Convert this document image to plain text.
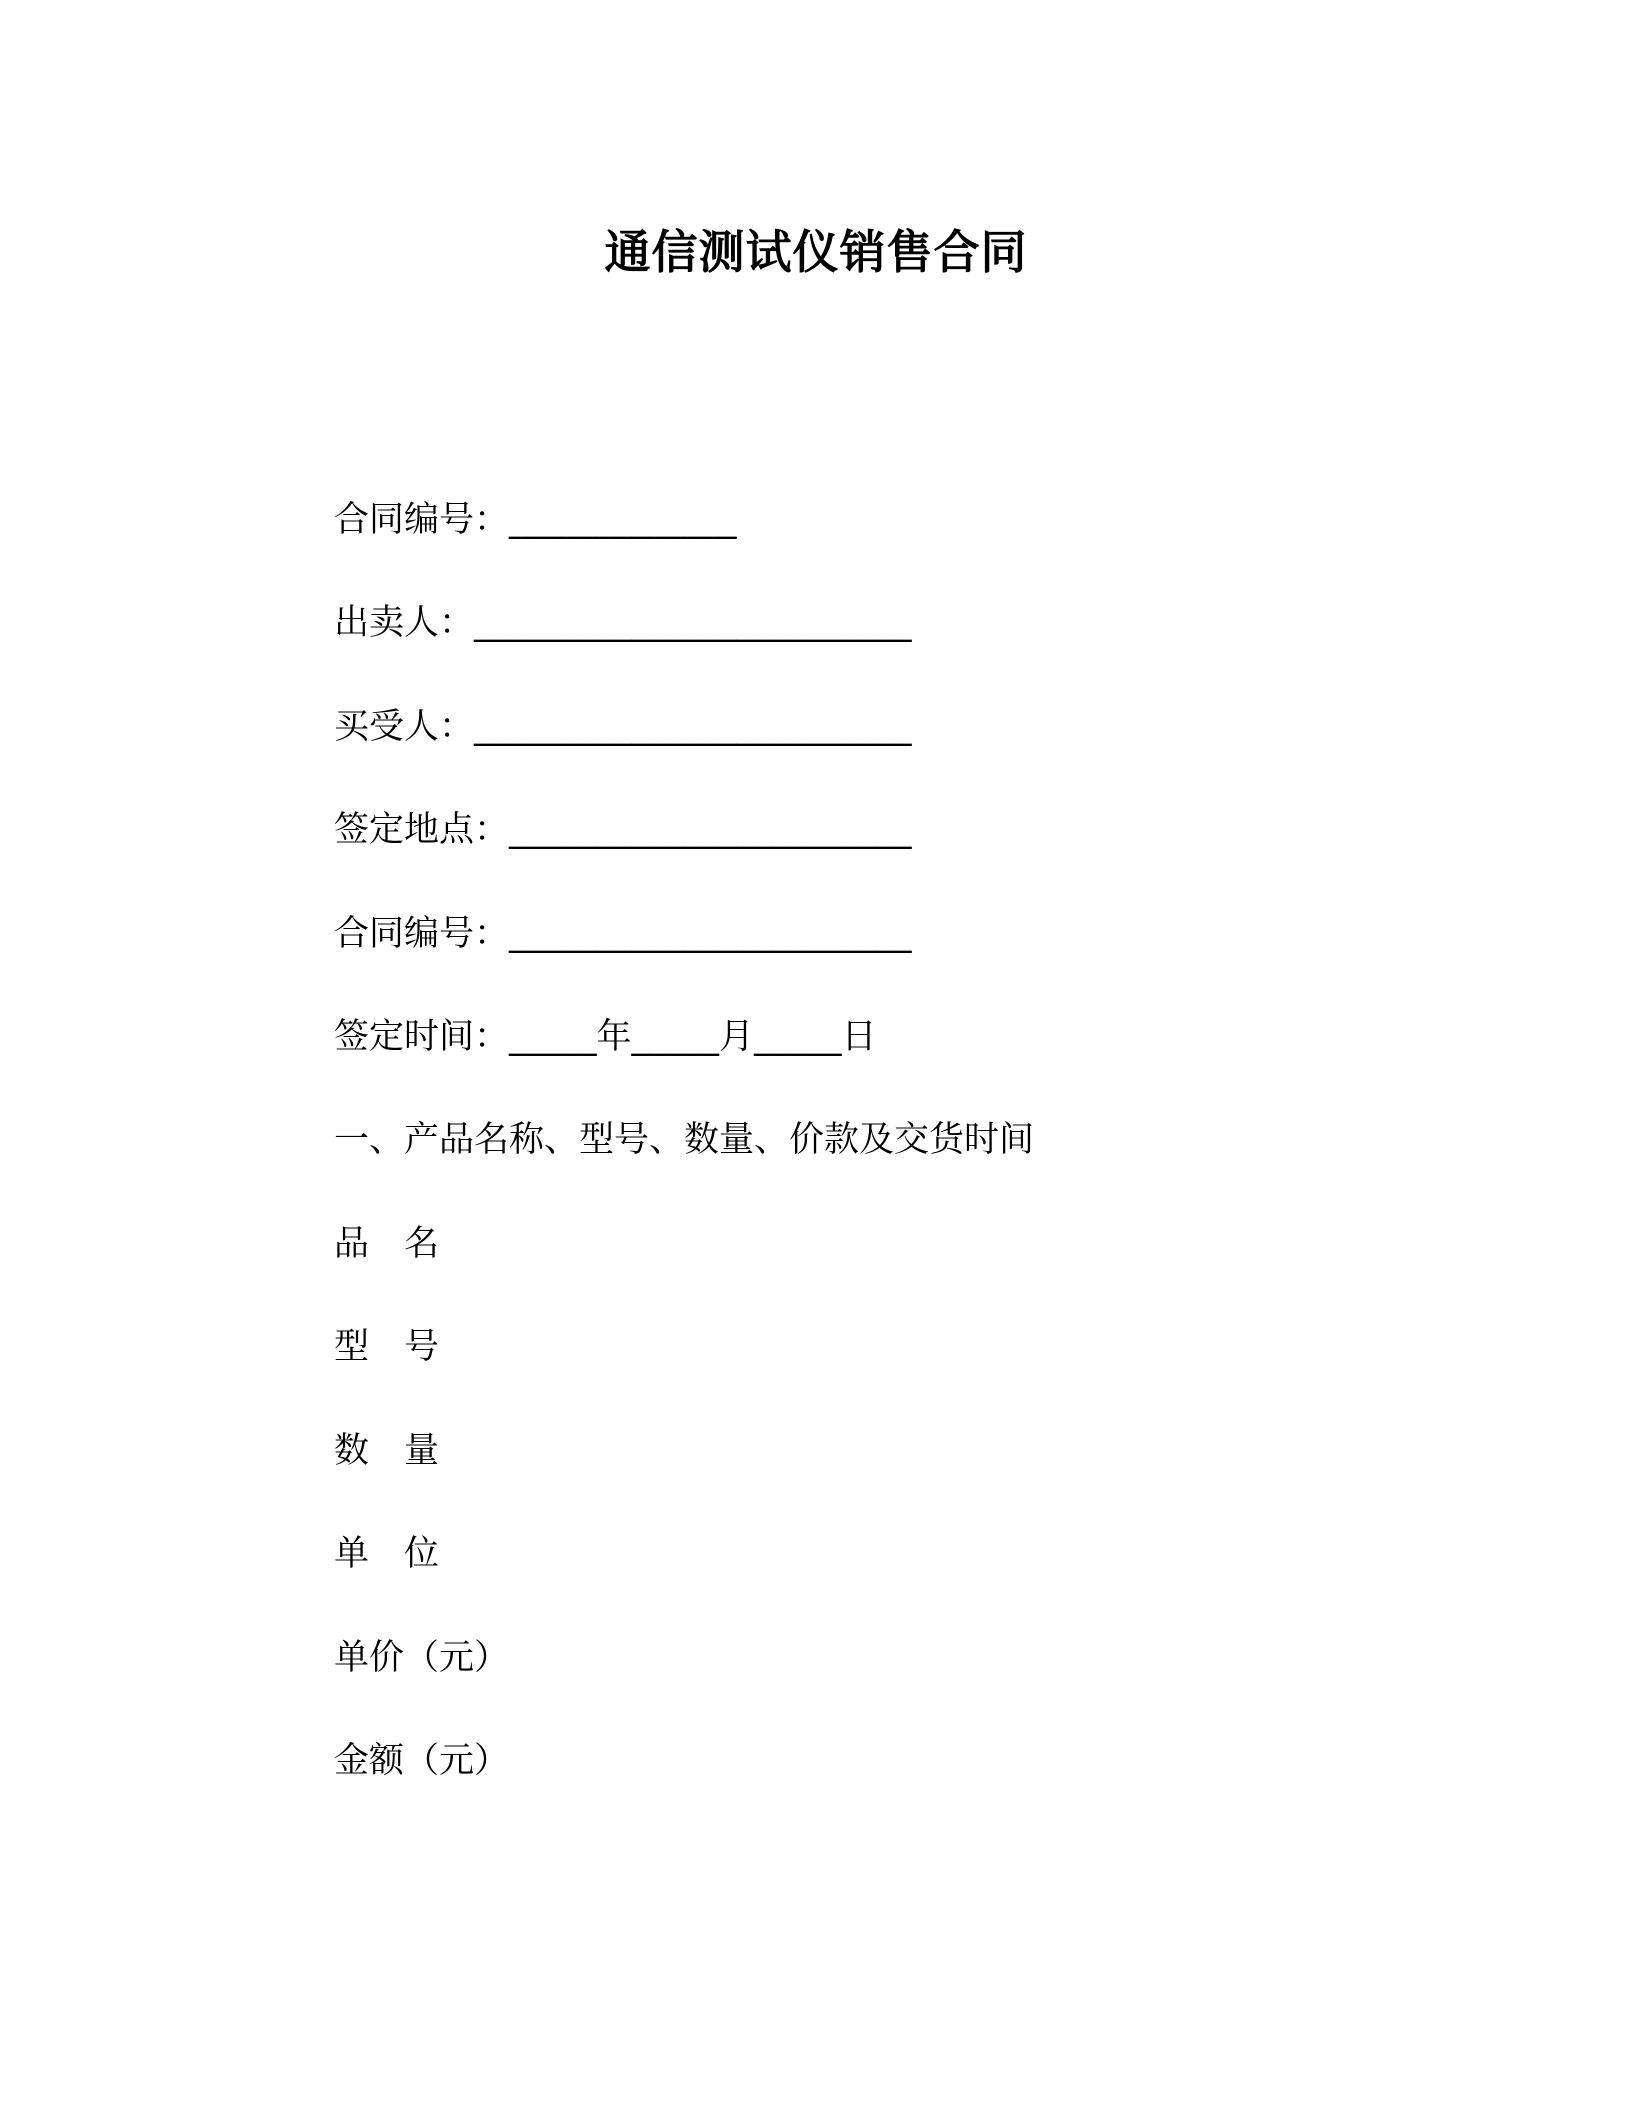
通信测试仪销售合同
合同编号：_____________
出卖人：_________________________
买受人：_________________________
签定地点：_______________________
合同编号：_______________________
签定时间：_____年_____月_____日
一、产品名称、型号、数量、价款及交货时间
品　名
型　号
数　量
单　位
单价（元）
金额（元）
